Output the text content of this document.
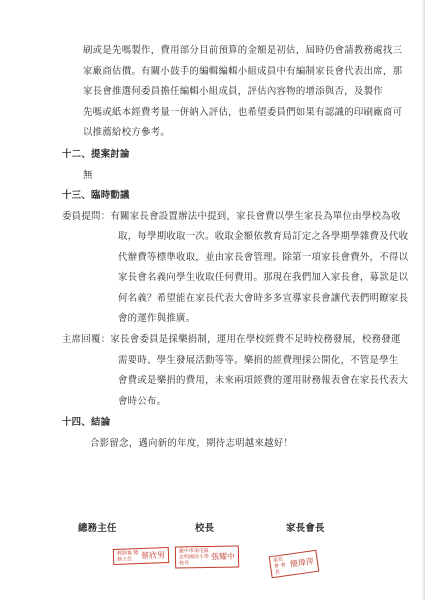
刷或是先嗎製作，費用部分目前預算的金額是初估，屆時仍會請教務處找三
家廠商估價。有關小鼓手的編輯編輯小組成員中有編制家長會代表出席，那
家長會推選何委員擔任編輯小組成員，評估內容物的增添與否，及製作
先嗎或紙本經費考量一併納入評估，也希望委員們如果有認識的印刷廠商可
以推薦給校方參考。
十二、提案討論
無
十三、臨時動議
委員提問：有關家長會設置辦法中提到，家長會費以學生家長為單位由學校為收
取，每學期收取一次。收取金額依教育局訂定之各學期學雜費及代收
代辦費等標準收取，並由家長會管理。除第一項家長會費外，不得以
家長會名義向學生收取任何費用。那現在我們加入家長會，募款是以
何名義？希望能在家長代表大會時多多宣導家長會讓代表們明瞭家長
會的運作與推廣。
主席回覆：家長會委員是採樂捐制，運用在學校經費不足時校務發展，校務發運
需要時、學生發展活動等等。樂捐的經費理採公開化，不管是學生
會費或是樂捐的費用，未來兩項經費的運用財務報表會在家長代表大
會時公布。
十四、結論
合影留念，邁向新的年度，期待志明越來越好！
總務主任	校長	家長會長
教師兼 總務主任 蔡欣男	臺中市南屯區 志明國民小學校長張耀中	家長會 會長簡瑋萍
